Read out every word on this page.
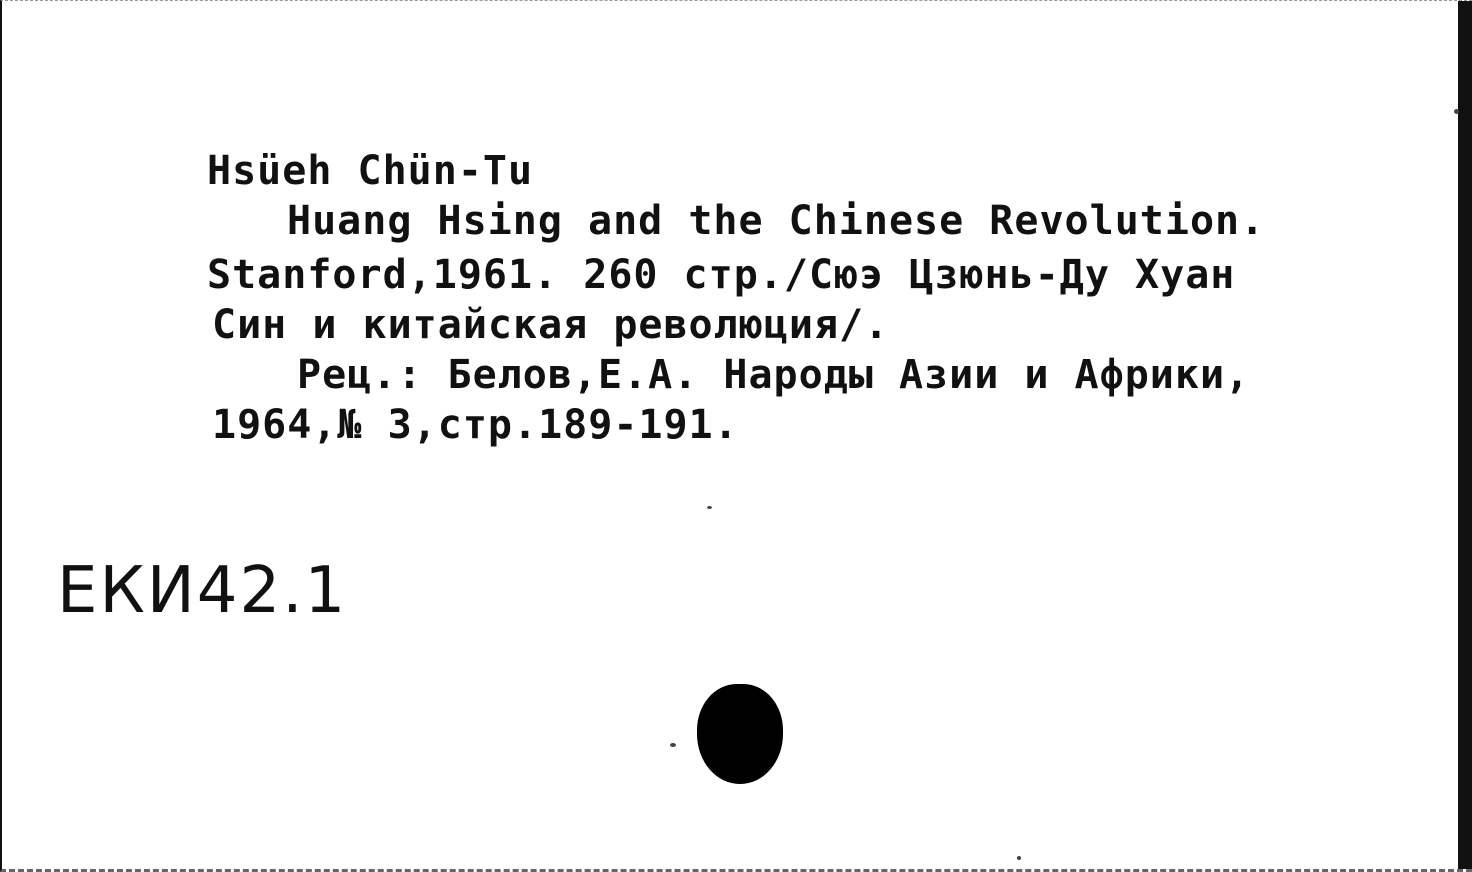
Hsüeh Chün-Tu
Huang Hsing and the Chinese Revolution.
Stanford,1961. 260 стр./Сюэ Цзюнь-Ду Хуан
Син и китайская революция/.
Рец.: Белов,Е.А. Народы Азии и Африки,
1964,№ 3,стр.189-191.
ЕКИ42.1
